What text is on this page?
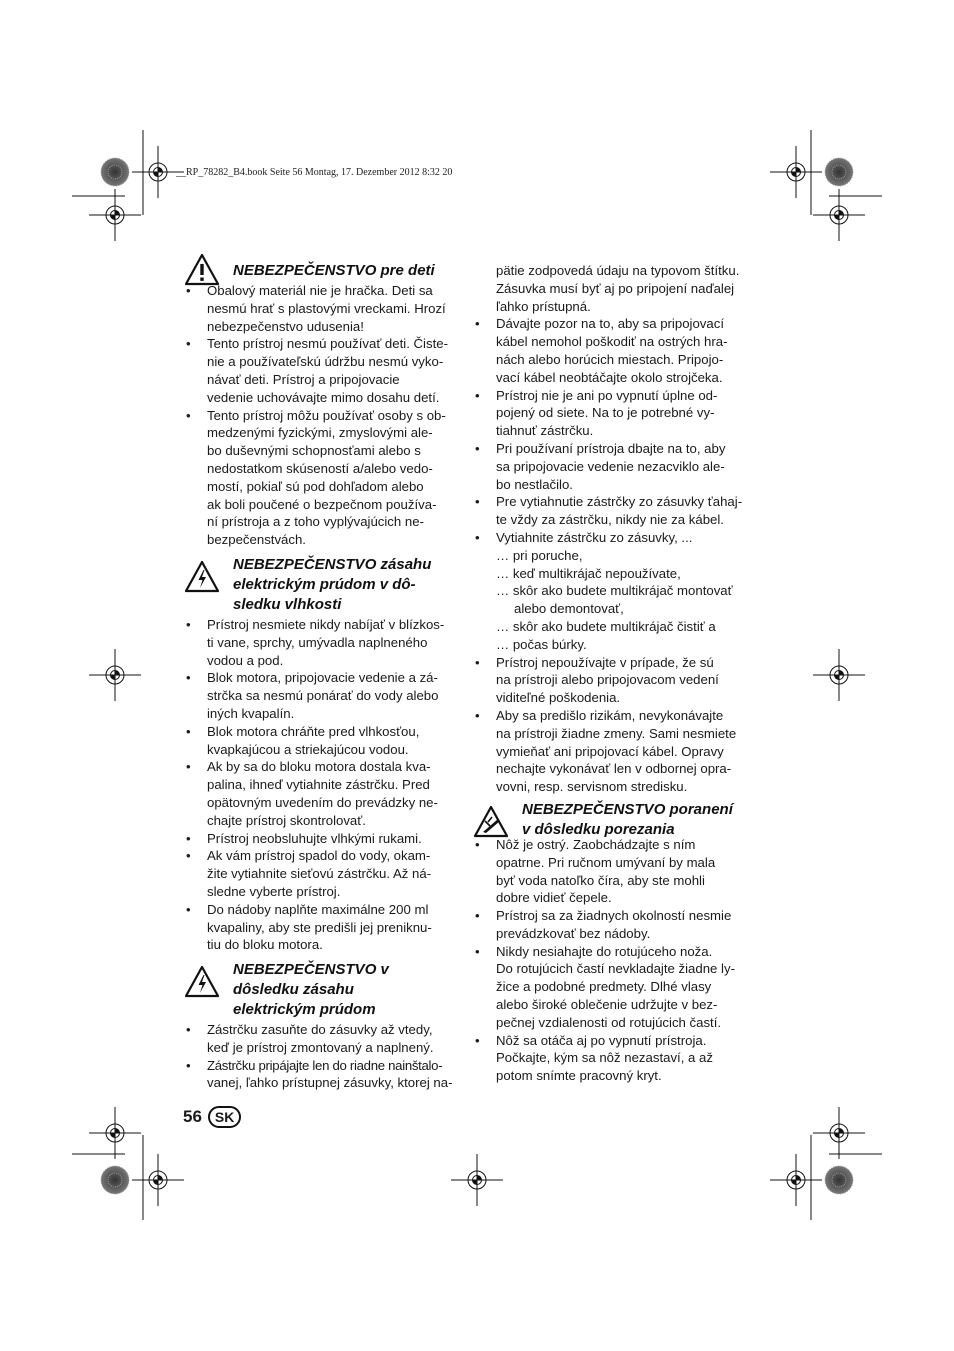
__RP_78282_B4.book Seite 56 Montag, 17. Dezember 2012 8:32 20
NEBEZPEČENSTVO pre deti
• Obalový materiál nie je hračka. Deti sa
nesmú hrať s plastovými vreckami. Hrozí
nebezpečenstvo udusenia!
• Tento prístroj nesmú používať deti. Čiste-
nie a používateľskú údržbu nesmú vyko-
návať deti. Prístroj a pripojovacie
vedenie uchovávajte mimo dosahu detí.
• Tento prístroj môžu používať osoby s ob-
medzenými fyzickými, zmyslovými ale-
bo duševnými schopnosťami alebo s
nedostatkom skúseností a/alebo vedo-
mostí, pokiaľ sú pod dohľadom alebo
ak boli poučené o bezpečnom používa-
ní prístroja a z toho vyplývajúcich ne-
bezpečenstvách.
NEBEZPEČENSTVO zásahu
elektrickým prúdom v dô-
sledku vlhkosti
• Prístroj nesmiete nikdy nabíjať v blízkos-
ti vane, sprchy, umývadla naplneného
vodou a pod.
• Blok motora, pripojovacie vedenie a zá-
strčka sa nesmú ponárať do vody alebo
iných kvapalín.
• Blok motora chráňte pred vlhkosťou,
kvapkajúcou a striekajúcou vodou.
• Ak by sa do bloku motora dostala kva-
palina, ihneď vytiahnite zástrčku. Pred
opätovným uvedením do prevádzky ne-
chajte prístroj skontrolovať.
• Prístroj neobsluhujte vlhkými rukami.
• Ak vám prístroj spadol do vody, okam-
žite vytiahnite sieťovú zástrčku. Až ná-
sledne vyberte prístroj.
• Do nádoby naplňte maximálne 200 ml
kvapaliny, aby ste predišli jej preniknu-
tiu do bloku motora.
NEBEZPEČENSTVO v
dôsledku zásahu
elektrickým prúdom
• Zástrčku zasuňte do zásuvky až vtedy,
keď je prístroj zmontovaný a naplnený.
• Zástrčku pripájajte len do riadne nainštalo-
vanej, ľahko prístupnej zásuvky, ktorej na-
pätie zodpovedá údaju na typovom štítku.
Zásuvka musí byť aj po pripojení naďalej
ľahko prístupná.
• Dávajte pozor na to, aby sa pripojovací
kábel nemohol poškodiť na ostrých hra-
nách alebo horúcich miestach. Pripojo-
vací kábel neobtáčajte okolo strojčeka.
• Prístroj nie je ani po vypnutí úplne od-
pojený od siete. Na to je potrebné vy-
tiahnuť zástrčku.
• Pri používaní prístroja dbajte na to, aby
sa pripojovacie vedenie nezacviklo ale-
bo nestlačilo.
• Pre vytiahnutie zástrčky zo zásuvky ťahaj-
te vždy za zástrčku, nikdy nie za kábel.
• Vytiahnite zástrčku zo zásuvky, ...
… pri poruche,
… keď multikrájač nepoužívate,
… skôr ako budete multikrájač montovať
alebo demontovať,
… skôr ako budete multikrájač čistiť a
… počas búrky.
• Prístroj nepoužívajte v prípade, že sú
na prístroji alebo pripojovacom vedení
viditeľné poškodenia.
• Aby sa predišlo rizikám, nevykonávajte
na prístroji žiadne zmeny. Sami nesmiete
vymieňať ani pripojovací kábel. Opravy
nechajte vykonávať len v odbornej opra-
vovni, resp. servisnom stredisku.
NEBEZPEČENSTVO poranení
v dôsledku porezania
• Nôž je ostrý. Zaobchádzajte s ním
opatrne. Pri ručnom umývaní by mala
byť voda natoľko číra, aby ste mohli
dobre vidieť čepele.
• Prístroj sa za žiadnych okolností nesmie
prevádzkovať bez nádoby.
• Nikdy nesiahajte do rotujúceho noža.
Do rotujúcich častí nevkladajte žiadne ly-
žice a podobné predmety. Dlhé vlasy
alebo široké oblečenie udržujte v bez-
pečnej vzdialenosti od rotujúcich častí.
• Nôž sa otáča aj po vypnutí prístroja.
Počkajte, kým sa nôž nezastaví, a až
potom snímte pracovný kryt.
56 SK
